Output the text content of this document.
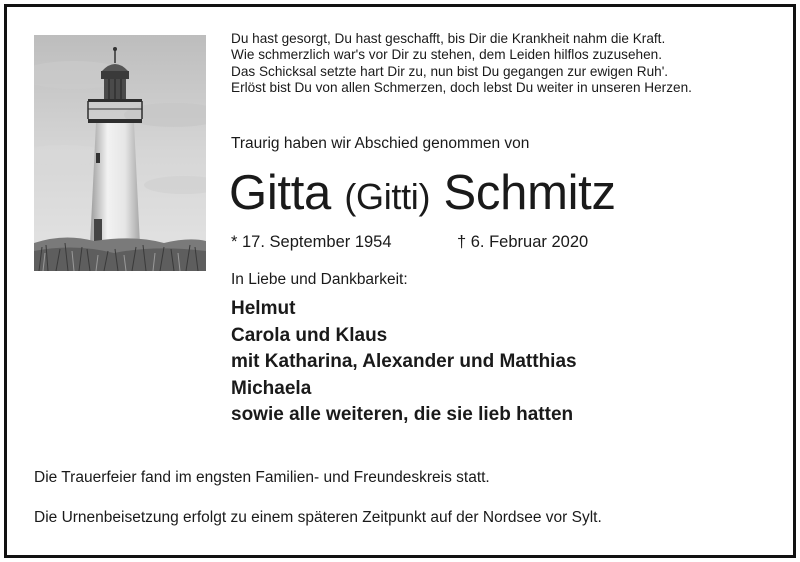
Du hast gesorgt, Du hast geschafft, bis Dir die Krankheit nahm die Kraft.
Wie schmerzlich war's vor Dir zu stehen, dem Leiden hilflos zuzusehen.
Das Schicksal setzte hart Dir zu, nun bist Du gegangen zur ewigen Ruh'.
Erlöst bist Du von allen Schmerzen, doch lebst Du weiter in unseren Herzen.
Traurig haben wir Abschied genommen von
Gitta (Gitti) Schmitz
* 17. September 1954	† 6. Februar 2020
In Liebe und Dankbarkeit:
Helmut
Carola und Klaus
mit Katharina, Alexander und Matthias
Michaela
sowie alle weiteren, die sie lieb hatten
Die Trauerfeier fand im engsten Familien- und Freundeskreis statt.
Die Urnenbeisetzung erfolgt zu einem späteren Zeitpunkt auf der Nordsee vor Sylt.
